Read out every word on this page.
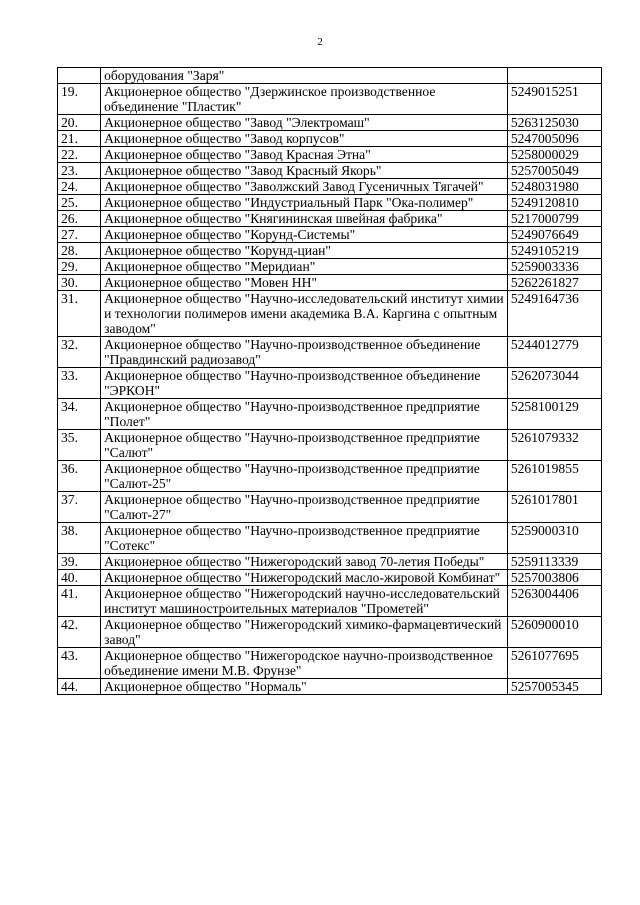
2
	оборудования "Заря"	
19.	Акционерное общество "Дзержинское производственное объединение "Пластик"	5249015251
20.	Акционерное общество "Завод "Электромаш"	5263125030
21.	Акционерное общество "Завод корпусов"	5247005096
22.	Акционерное общество "Завод Красная Этна"	5258000029
23.	Акционерное общество "Завод Красный Якорь"	5257005049
24.	Акционерное общество "Заволжский Завод Гусеничных Тягачей"	5248031980
25.	Акционерное общество "Индустриальный Парк "Ока-полимер"	5249120810
26.	Акционерное общество "Княгининская швейная фабрика"	5217000799
27.	Акционерное общество "Корунд-Системы"	5249076649
28.	Акционерное общество "Корунд-циан"	5249105219
29.	Акционерное общество "Меридиан"	5259003336
30.	Акционерное общество "Мовен НН"	5262261827
31.	Акционерное общество "Научно-исследовательский институт химии и технологии полимеров имени академика В.А. Каргина с опытным заводом"	5249164736
32.	Акционерное общество "Научно-производственное объединение "Правдинский радиозавод"	5244012779
33.	Акционерное общество "Научно-производственное объединение "ЭРКОН"	5262073044
34.	Акционерное общество "Научно-производственное предприятие "Полет"	5258100129
35.	Акционерное общество "Научно-производственное предприятие "Салют"	5261079332
36.	Акционерное общество "Научно-производственное предприятие "Салют-25"	5261019855
37.	Акционерное общество "Научно-производственное предприятие "Салют-27"	5261017801
38.	Акционерное общество "Научно-производственное предприятие "Сотекс"	5259000310
39.	Акционерное общество "Нижегородский завод 70-летия Победы"	5259113339
40.	Акционерное общество "Нижегородский масло-жировой Комбинат"	5257003806
41.	Акционерное общество "Нижегородский научно-исследовательский институт машиностроительных материалов "Прометей"	5263004406
42.	Акционерное общество "Нижегородский химико-фармацевтический завод"	5260900010
43.	Акционерное общество "Нижегородское научно-производственное объединение имени М.В. Фрунзе"	5261077695
44.	Акционерное общество "Нормаль"	5257005345
